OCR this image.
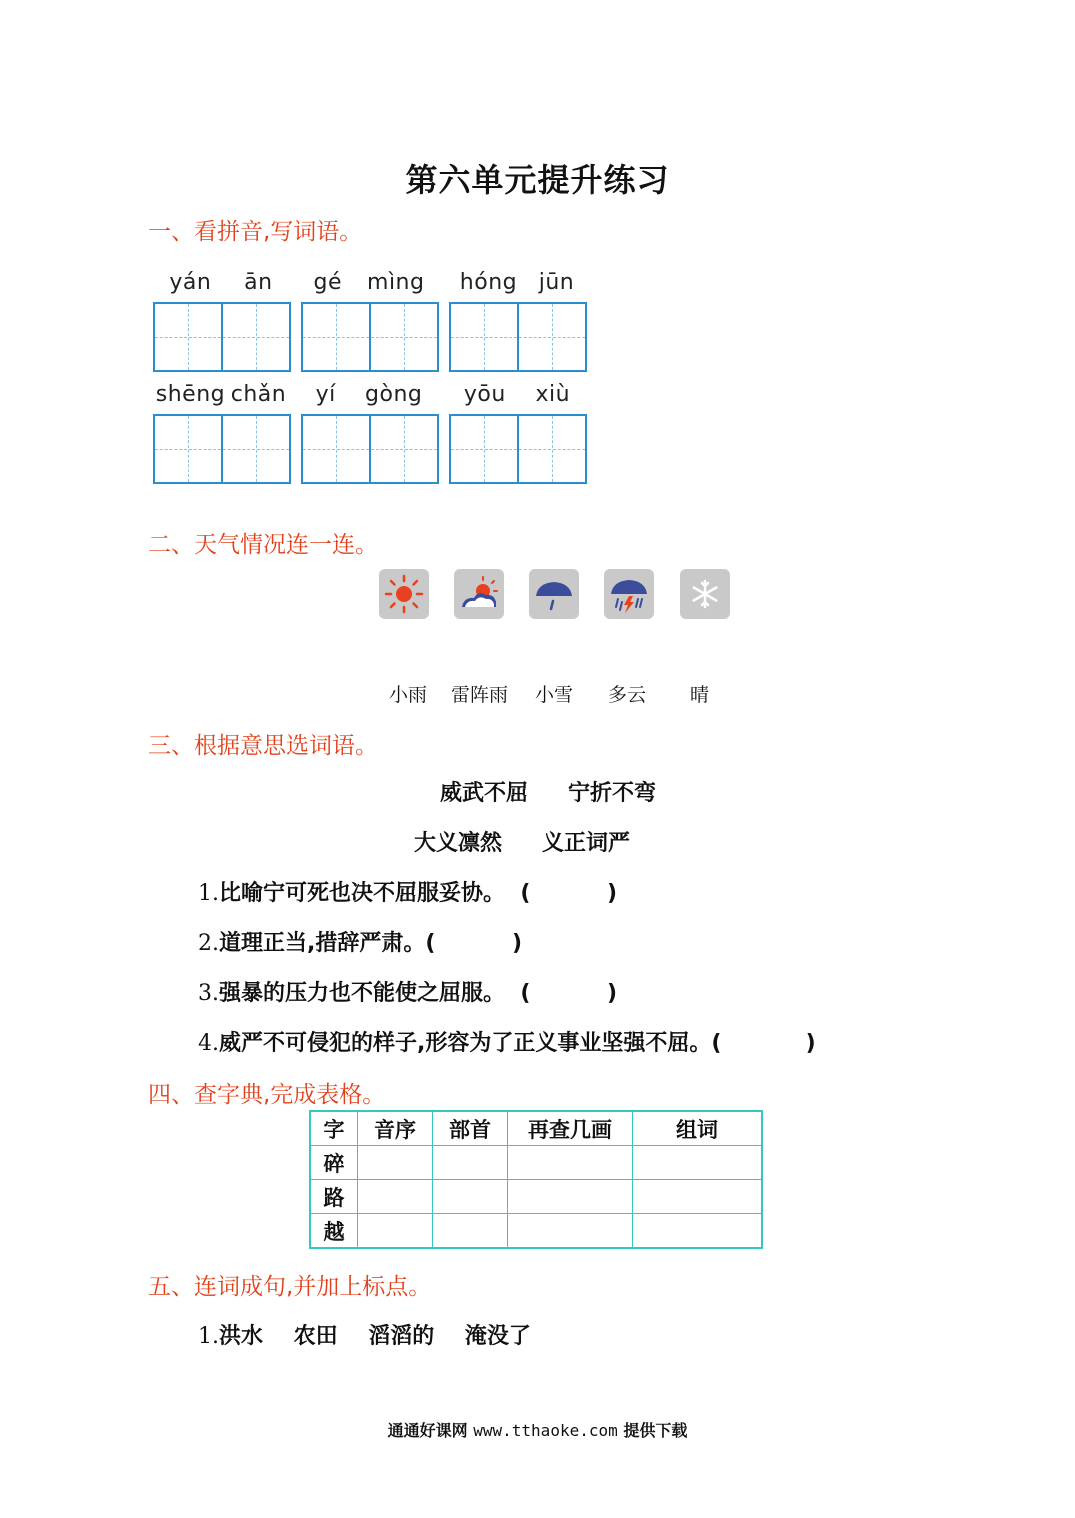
第六单元提升练习
一、看拼音,写词语。
yán ān gé mìng hóng jūn
shēng chǎn yí gòng yōu xiù
二、天气情况连一连。
小雨 雷阵雨 小雪 多云 晴
三、根据意思选词语。
威武不屈 宁折不弯
大义凛然 义正词严
1.比喻宁可死也决不屈服妥协。  (          )
2.道理正当,措辞严肃。(          )
3.强暴的压力也不能使之屈服。  (          )
4.威严不可侵犯的样子,形容为了正义事业坚强不屈。(           )
四、查字典,完成表格。
字	音序	部首	再查几画	组词
碎				
路				
越				
五、连词成句,并加上标点。
1.洪水    农田    滔滔的    淹没了
通通好课网 www.tthaoke.com 提供下载
